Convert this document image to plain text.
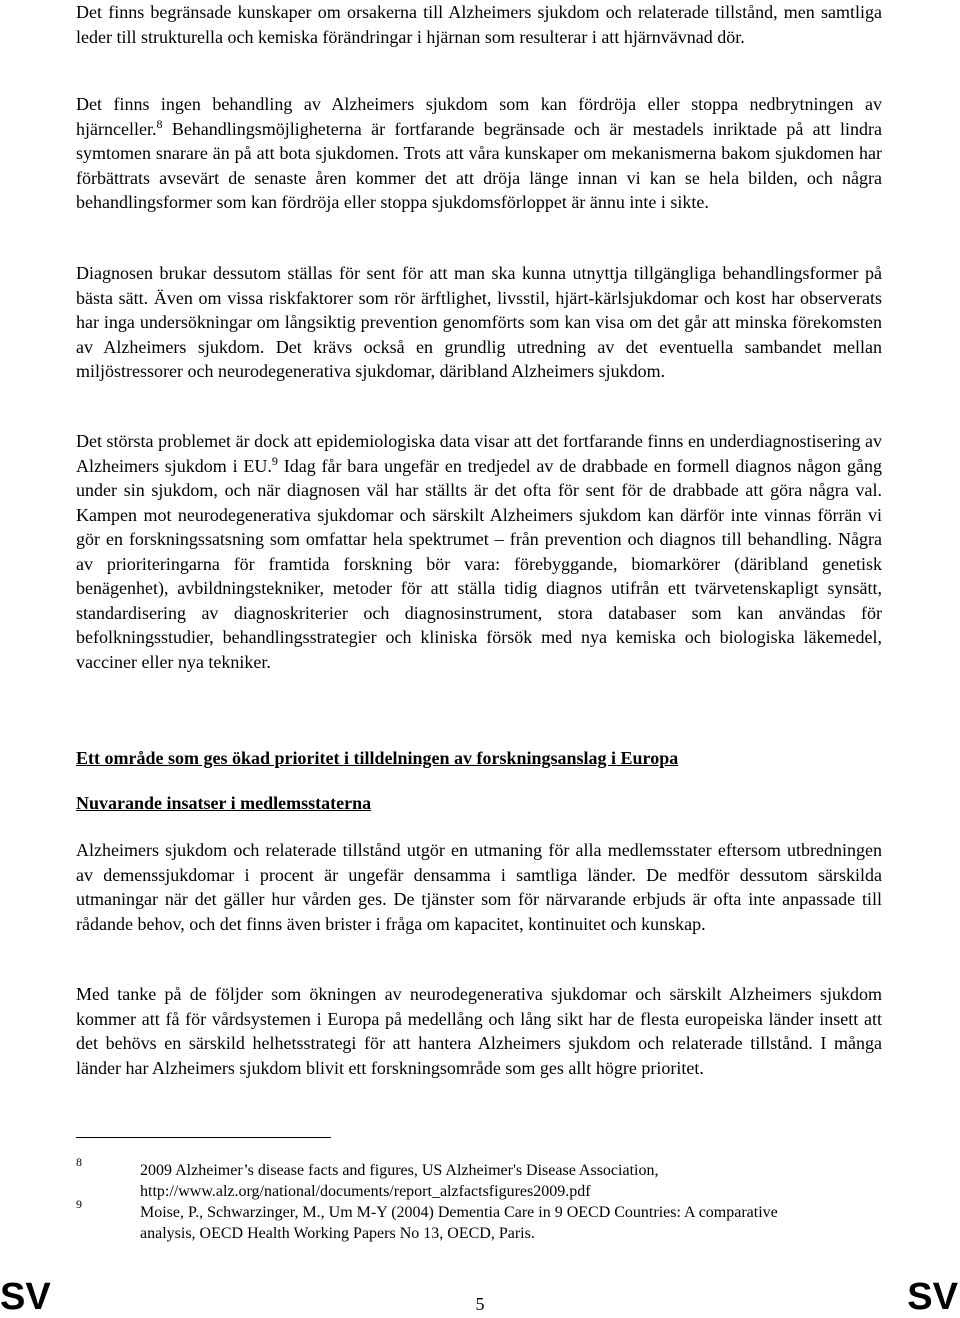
Det finns begränsade kunskaper om orsakerna till Alzheimers sjukdom och relaterade tillstånd, men samtliga leder till strukturella och kemiska förändringar i hjärnan som resulterar i att hjärnvävnad dör.

Det finns ingen behandling av Alzheimers sjukdom som kan fördröja eller stoppa nedbrytningen av hjärnceller.$^8$ Behandlingsmöjligheterna är fortfarande begränsade och är mestadels inriktade på att lindra symtomen snarare än på att bota sjukdomen. Trots att våra kunskaper om mekanismerna bakom sjukdomen har förbättrats avsevärt de senaste åren kommer det att dröja länge innan vi kan se hela bilden, och några behandlingsformer som kan fördröja eller stoppa sjukdomsförloppet är ännu inte i sikte.

Diagnosen brukar dessutom ställas för sent för att man ska kunna utnyttja tillgängliga behandlingsformer på bästa sätt. Även om vissa riskfaktorer som rör ärftlighet, livsstil, hjärt-kärlsjukdomar och kost har observerats har inga undersökningar om långsiktig prevention genomförts som kan visa om det går att minska förekomsten av Alzheimers sjukdom. Det krävs också en grundlig utredning av det eventuella sambandet mellan miljöstressorer och neurodegenerativa sjukdomar, däribland Alzheimers sjukdom.

Det största problemet är dock att epidemiologiska data visar att det fortfarande finns en underdiagnostisering av Alzheimers sjukdom i EU.$^9$ Idag får bara ungefär en tredjedel av de drabbade en formell diagnos någon gång under sin sjukdom, och när diagnosen väl har ställts är det ofta för sent för de drabbade att göra några val. Kampen mot neurodegenerativa sjukdomar och särskilt Alzheimers sjukdom kan därför inte vinnas förrän vi gör en forskningssatsning som omfattar hela spektrumet – från prevention och diagnos till behandling. Några av prioriteringarna för framtida forskning bör vara: förebyggande, biomarkörer (däribland genetisk benägenhet), avbildningstekniker, metoder för att ställa tidig diagnos utifrån ett tvärvetenskapligt synsätt, standardisering av diagnoskriterier och diagnosinstrument, stora databaser som kan användas för befolkningsstudier, behandlingsstrategier och kliniska försök med nya kemiska och biologiska läkemedel, vacciner eller nya tekniker.

Ett område som ges ökad prioritet i tilldelningen av forskningsanslag i Europa
Nuvarande insatser i medlemsstaterna

Alzheimers sjukdom och relaterade tillstånd utgör en utmaning för alla medlemsstater eftersom utbredningen av demenssjukdomar i procent är ungefär densamma i samtliga länder. De medför dessutom särskilda utmaningar när det gäller hur vården ges. De tjänster som för närvarande erbjuds är ofta inte anpassade till rådande behov, och det finns även brister i fråga om kapacitet, kontinuitet och kunskap.

Med tanke på de följder som ökningen av neurodegenerativa sjukdomar och särskilt Alzheimers sjukdom kommer att få för vårdsystemen i Europa på medellång och lång sikt har de flesta europeiska länder insett att det behövs en särskild helhetsstrategi för att hantera Alzheimers sjukdom och relaterade tillstånd. I många länder har Alzheimers sjukdom blivit ett forskningsområde som ges allt högre prioritet.

8	2009 Alzheimer’s disease facts and figures, US Alzheimer's Disease Association,
http://www.alz.org/national/documents/report_alzfactsfigures2009.pdf
9	Moise, P., Schwarzinger, M., Um M-Y (2004) Dementia Care in 9 OECD Countries: A comparative
analysis, OECD Health Working Papers No 13, OECD, Paris.
SV	5	SV
